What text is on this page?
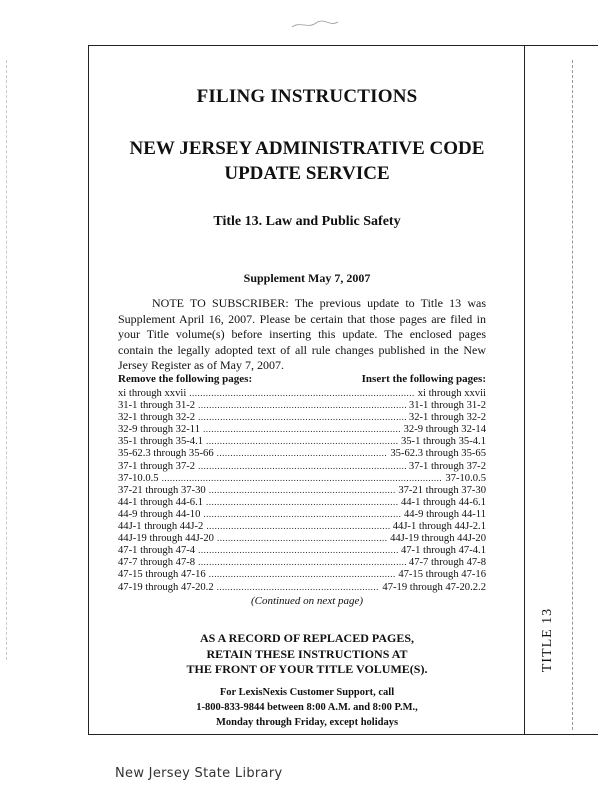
FILING INSTRUCTIONS
NEW JERSEY ADMINISTRATIVE CODE
UPDATE SERVICE
Title 13. Law and Public Safety
Supplement May 7, 2007
NOTE TO SUBSCRIBER: The previous update to Title 13 was Supplement April 16, 2007. Please be certain that those pages are filed in your Title volume(s) before inserting this update. The enclosed pages contain the legally adopted text of all rule changes published in the New Jersey Register as of May 7, 2007.
Remove the following pages:	Insert the following pages:
xi through xxvii .....	xi through xxvii
31-1 through 31-2 .....	31-1 through 31-2
32-1 through 32-2 .....	32-1 through 32-2
32-9 through 32-11 .....	32-9 through 32-14
35-1 through 35-4.1 .....	35-1 through 35-4.1
35-62.3 through 35-66 .....	35-62.3 through 35-65
37-1 through 37-2 .....	37-1 through 37-2
37-10.0.5 .....	37-10.0.5
37-21 through 37-30 .....	37-21 through 37-30
44-1 through 44-6.1 .....	44-1 through 44-6.1
44-9 through 44-10 .....	44-9 through 44-11
44J-1 through 44J-2 .....	44J-1 through 44J-2.1
44J-19 through 44J-20 .....	44J-19 through 44J-20
47-1 through 47-4 .....	47-1 through 47-4.1
47-7 through 47-8 .....	47-7 through 47-8
47-15 through 47-16 .....	47-15 through 47-16
47-19 through 47-20.2 .....	47-19 through 47-20.2.2
(Continued on next page)
AS A RECORD OF REPLACED PAGES,
RETAIN THESE INSTRUCTIONS AT
THE FRONT OF YOUR TITLE VOLUME(S).
For LexisNexis Customer Support, call
1-800-833-9844 between 8:00 A.M. and 8:00 P.M.,
Monday through Friday, except holidays
TITLE 13
New Jersey State Library
